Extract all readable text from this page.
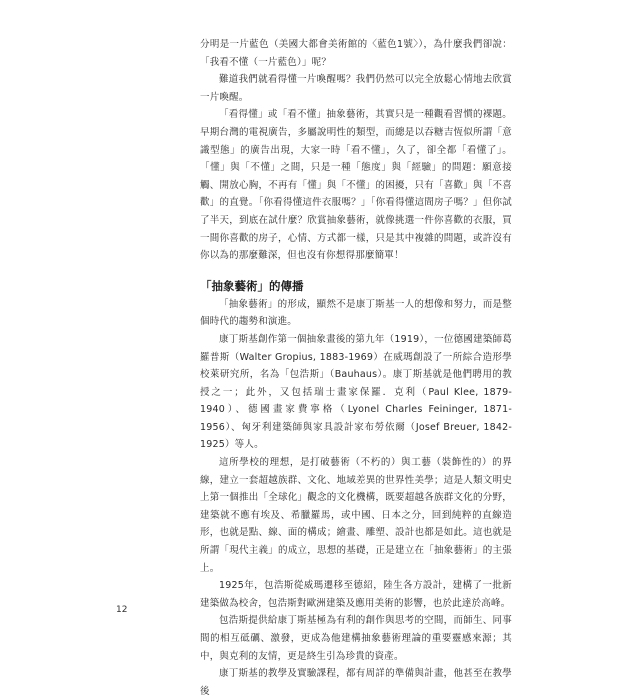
分明是一片藍色（美國大都會美術館的〈藍色1號〉），為什麼我們卻說：「我看不懂（一片藍色）」呢？

難道我們就看得懂一片喚醒嗎？我們仍然可以完全放鬆心情地去欣賞一片喚醒。

「看得懂」或「看不懂」抽象藝術，其實只是一種觀看習慣的裸題。早期台灣的電視廣告，多屬說明性的類型，而總是以吞糖吉恆似所謂「意識型態」的廣告出現，大家一時「看不懂」，久了，卻全都「看懂了」。「懂」與「不懂」之間，只是一種「態度」與「經驗」的問題：願意接觸、開放心胸，不再有「懂」與「不懂」的困擾，只有「喜歡」與「不喜歡」的直覺。「你看得懂這件衣服嗎？」「你看得懂這間房子嗎？」但你試了半天，到底在試什麼？欣賞抽象藝術，就像挑選一件你喜歡的衣服，買一間你喜歡的房子，心情、方式都一樣，只是其中複雜的問題，或許沒有你以為的那麼難深，但也沒有你想得那麼簡單！

「抽象藝術」的傳播

「抽象藝術」的形成，顯然不是康丁斯基一人的想像和努力，而是整個時代的趨勢和演進。

康丁斯基創作第一個抽象畫後的第九年（1919），一位德國建築師葛羅普斯（Walter Gropius, 1883-1969）在威瑪創設了一所綜合造形學校萊研究所，名為「包浩斯」（Bauhaus）。康丁斯基就是他們聘用的教授之一；此外，又包括瑞士畫家保羅．克利（Paul Klee, 1879-1940）、德國畫家費寧格（Lyonel Charles Feininger, 1871-1956）、匈牙利建築師與家具設計家布勞依爾（Josef Breuer, 1842-1925）等人。

這所學校的理想，是打破藝術（不朽的）與工藝（裝飾性的）的界線，建立一套超越族群、文化、地域差異的世界性美學；這是人類文明史上第一個推出「全球化」觀念的文化機構，既要超越各族群文化的分野，建築就不應有埃及、希臘羅馬，或中國、日本之分，回到純粹的直線造形，也就是點、線、面的構成；繪畫、雕塑、設計也都是如此。這也就是所謂「現代主義」的成立，思想的基礎，正是建立在「抽象藝術」的主張上。

1925年，包浩斯從威瑪遷移至德紹，陸生各方設計，建構了一批新建築做為校舍，包浩斯對歐洲建築及應用美術的影響，也於此達於高峰。

包浩斯提供給康丁斯基極為有利的創作與思考的空間，而師生、同事間的相互砥礪、激發，更成為他建構抽象藝術理論的重要靈感來源；其中，與克利的友情，更是終生引為珍貴的資產。

康丁斯基的教學及實驗課程，都有周詳的準備與計畫，他甚至在教學後

12
